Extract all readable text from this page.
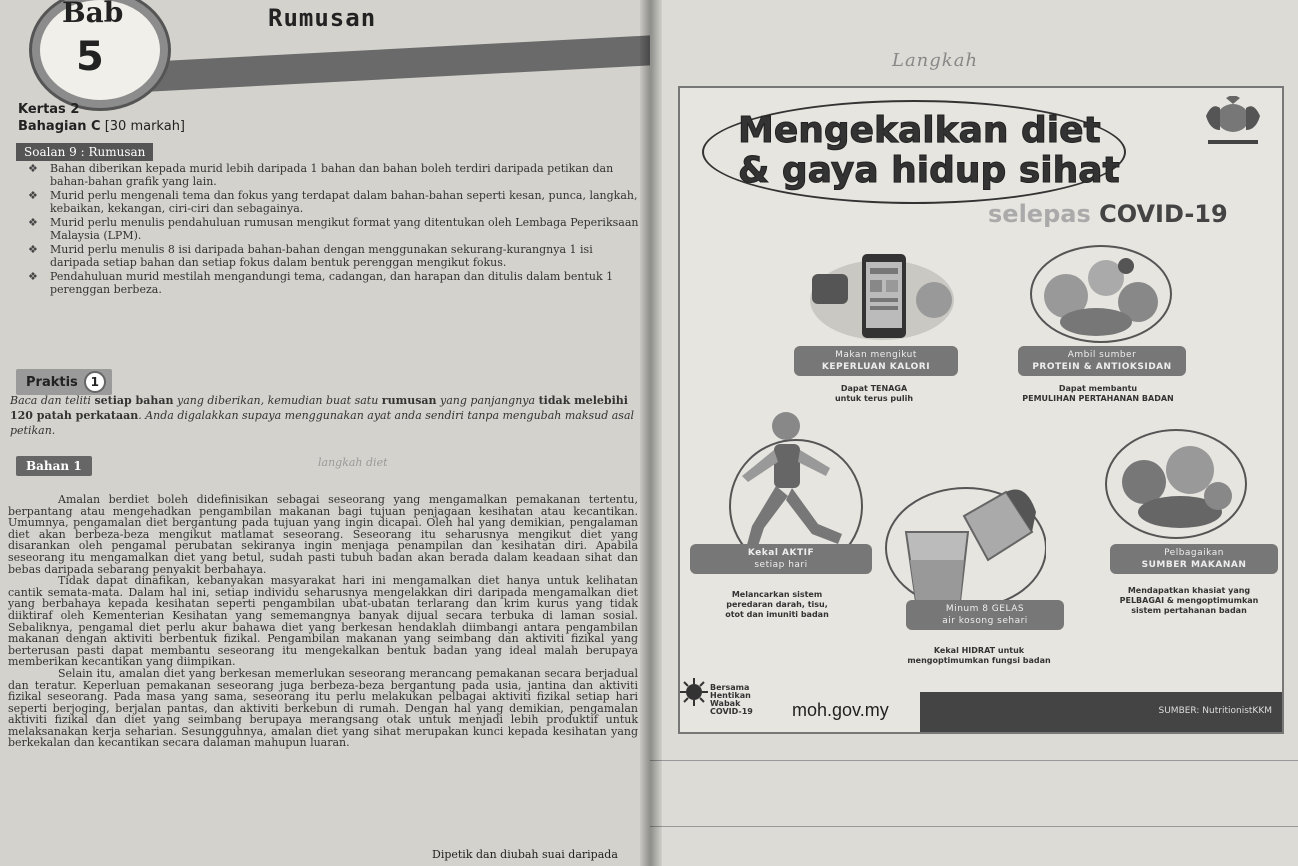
Bab
5
Rumusan
Kertas 2
Bahagian C [30 markah]
Soalan 9 : Rumusan
❖ Bahan diberikan kepada murid lebih daripada 1 bahan dan bahan boleh terdiri daripada petikan dan bahan-bahan grafik yang lain.
❖ Murid perlu mengenali tema dan fokus yang terdapat dalam bahan-bahan seperti kesan, punca, langkah, kebaikan, kekangan, ciri-ciri dan sebagainya.
❖ Murid perlu menulis pendahuluan rumusan mengikut format yang ditentukan oleh Lembaga Peperiksaan Malaysia (LPM).
❖ Murid perlu menulis 8 isi daripada bahan-bahan dengan menggunakan sekurang-kurangnya 1 isi daripada setiap bahan dan setiap fokus dalam bentuk perenggan mengikut fokus.
❖ Pendahuluan murid mestilah mengandungi tema, cadangan, dan harapan dan ditulis dalam bentuk 1 perenggan berbeza.
Praktis 1
Baca dan teliti setiap bahan yang diberikan, kemudian buat satu rumusan yang panjangnya tidak melebihi 120 patah perkataan. Anda digalakkan supaya menggunakan ayat anda sendiri tanpa mengubah maksud asal petikan.
Bahan 1	langkah diet

Amalan berdiet boleh didefinisikan sebagai seseorang yang mengamalkan pemakanan tertentu, berpantang atau mengehadkan pengambilan makanan bagi tujuan penjagaan kesihatan atau kecantikan. Umumnya, pengamalan diet bergantung pada tujuan yang ingin dicapai. Oleh hal yang demikian, pengalaman diet akan berbeza-beza mengikut matlamat seseorang. Seseorang itu seharusnya mengikut diet yang disarankan oleh pengamal perubatan sekiranya ingin menjaga penampilan dan kesihatan diri. Apabila seseorang itu mengamalkan diet yang betul, sudah pasti tubuh badan akan berada dalam keadaan sihat dan bebas daripada sebarang penyakit berbahaya.

Tidak dapat dinafikan, kebanyakan masyarakat hari ini mengamalkan diet hanya untuk kelihatan cantik semata-mata. Dalam hal ini, setiap individu seharusnya mengelakkan diri daripada mengamalkan diet yang berbahaya kepada kesihatan seperti pengambilan ubat-ubatan terlarang dan krim kurus yang tidak diiktiraf oleh Kementerian Kesihatan yang sememangnya banyak dijual secara terbuka di laman sosial. Sebaliknya, pengamal diet perlu akur bahawa diet yang berkesan hendaklah diimbangi antara pengambilan makanan dengan aktiviti berbentuk fizikal. Pengambilan makanan yang seimbang dan aktiviti fizikal yang berterusan pasti dapat membantu seseorang itu mengekalkan bentuk badan yang ideal malah berupaya memberikan kecantikan yang diimpikan.

Selain itu, amalan diet yang berkesan memerlukan seseorang merancang pemakanan secara berjadual dan teratur. Keperluan pemakanan seseorang juga berbeza-beza bergantung pada usia, jantina dan aktiviti fizikal seseorang. Pada masa yang sama, seseorang itu perlu melakukan pelbagai aktiviti fizikal setiap hari seperti berjoging, berjalan pantas, dan aktiviti berkebun di rumah. Dengan hal yang demikian, pengamalan aktiviti fizikal dan diet yang seimbang berupaya merangsang otak untuk menjadi lebih produktif untuk melaksanakan kerja seharian. Sesungguhnya, amalan diet yang sihat merupakan kunci kepada kesihatan yang berkekalan dan kecantikan secara dalaman mahupun luaran.

Dipetik dan diubah suai daripada
Langkah
Mengekalkan diet
& gaya hidup sihat
selepas COVID-19
Makan mengikut
KEPERLUAN KALORI
Dapat TENAGA
untuk terus pulih
Ambil sumber
PROTEIN & ANTIOKSIDAN
Dapat membantu
PEMULIHAN PERTAHANAN BADAN
Kekal AKTIF
setiap hari
Melancarkan sistem
peredaran darah, tisu,
otot dan imuniti badan
Minum 8 GELAS
air kosong sehari
Kekal HIDRAT untuk
mengoptimumkan fungsi badan
Pelbagaikan
SUMBER MAKANAN
Mendapatkan khasiat yang
PELBAGAI & mengoptimumkan
sistem pertahanan badan
Bersama
Hentikan
Wabak
COVID-19 moh.gov.my	SUMBER: NutritionistKKM
